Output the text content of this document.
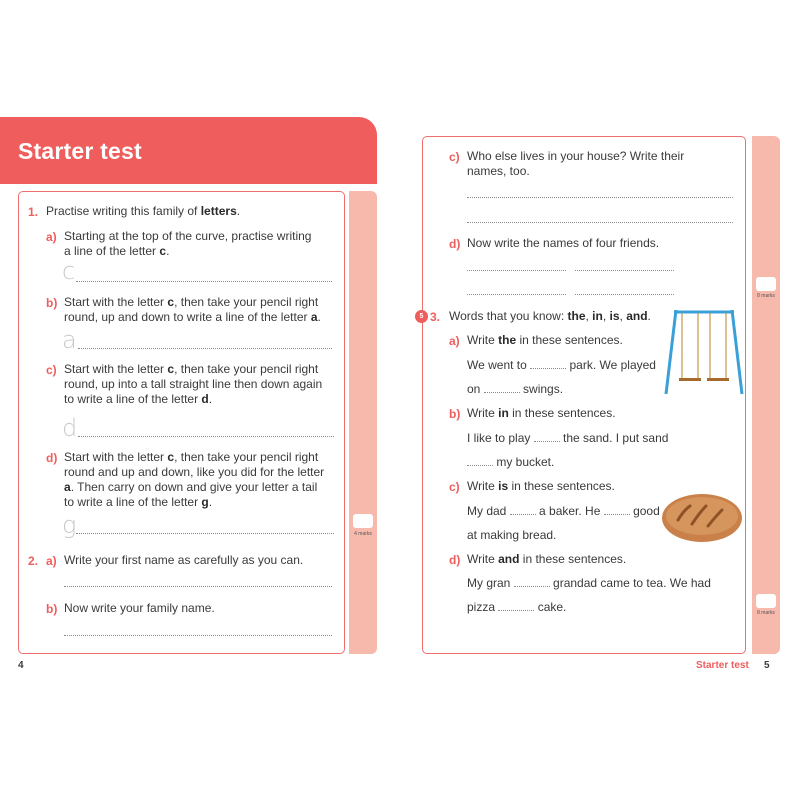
Starter test
4 marks
1. Practise writing this family of letters.
a) Starting at the top of the curve, practise writing
a line of the letter c.
c
b) Start with the letter c, then take your pencil right
round, up and down to write a line of the letter a.
a
c) Start with the letter c, then take your pencil right
round, up into a tall straight line then down again
to write a line of the letter d.
d
d) Start with the letter c, then take your pencil right
round and up and down, like you did for the letter
a. Then carry on down and give your letter a tail
to write a line of the letter g.
g
2. a) Write your first name as carefully as you can.
b) Now write your family name.
4
8 marks
8 marks
c) Who else lives in your house? Write their
names, too.
d) Now write the names of four friends.
5 3. Words that you know: the, in, is, and.
a) Write the in these sentences.
We went to	park. We played
on	swings.
b) Write in in these sentences.
I like to play  the sand. I put sand
my bucket.
c) Write is in these sentences.
My dad  a baker. He  good
at making bread.
d) Write and in these sentences.
My gran	grandad came to tea. We had
pizza	cake.
Starter test 5
